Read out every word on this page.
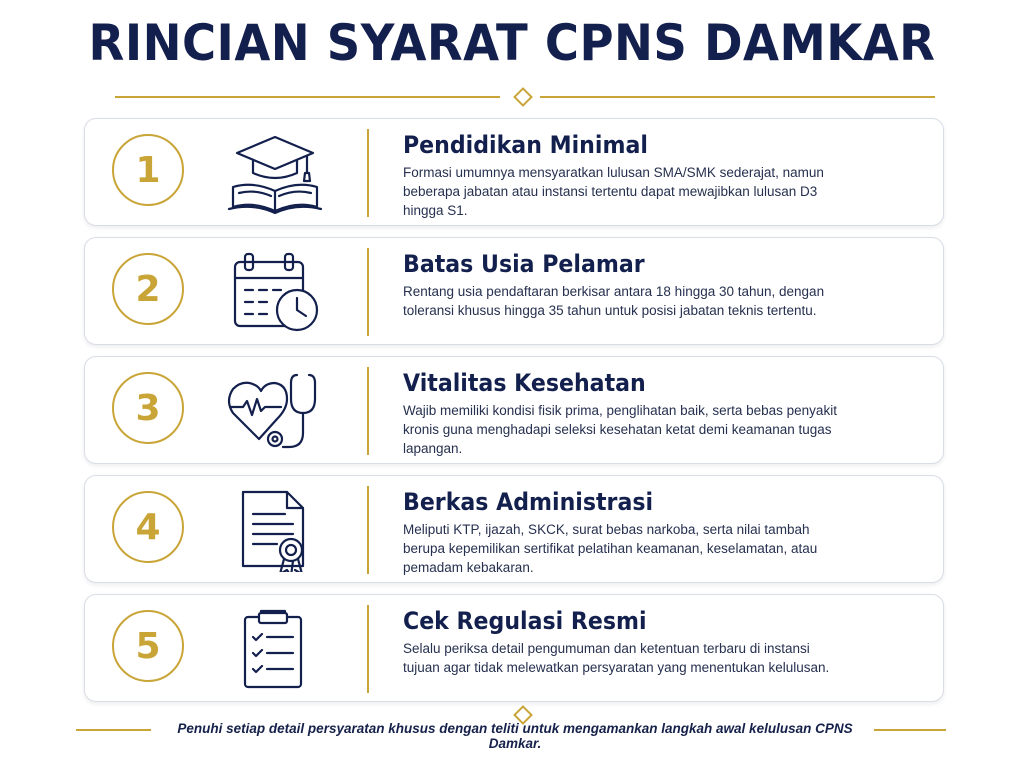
RINCIAN SYARAT CPNS DAMKAR
1
Pendidikan Minimal
Formasi umumnya mensyaratkan lulusan SMA/SMK sederajat, namun beberapa jabatan atau instansi tertentu dapat mewajibkan lulusan D3 hingga S1.
2
Batas Usia Pelamar
Rentang usia pendaftaran berkisar antara 18 hingga 30 tahun, dengan toleransi khusus hingga 35 tahun untuk posisi jabatan teknis tertentu.
3
Vitalitas Kesehatan
Wajib memiliki kondisi fisik prima, penglihatan baik, serta bebas penyakit kronis guna menghadapi seleksi kesehatan ketat demi keamanan tugas lapangan.
4
Berkas Administrasi
Meliputi KTP, ijazah, SKCK, surat bebas narkoba, serta nilai tambah berupa kepemilikan sertifikat pelatihan keamanan, keselamatan, atau pemadam kebakaran.
5
Cek Regulasi Resmi
Selalu periksa detail pengumuman dan ketentuan terbaru di instansi tujuan agar tidak melewatkan persyaratan yang menentukan kelulusan.
Penuhi setiap detail persyaratan khusus dengan teliti untuk mengamankan langkah awal kelulusan CPNS Damkar.
